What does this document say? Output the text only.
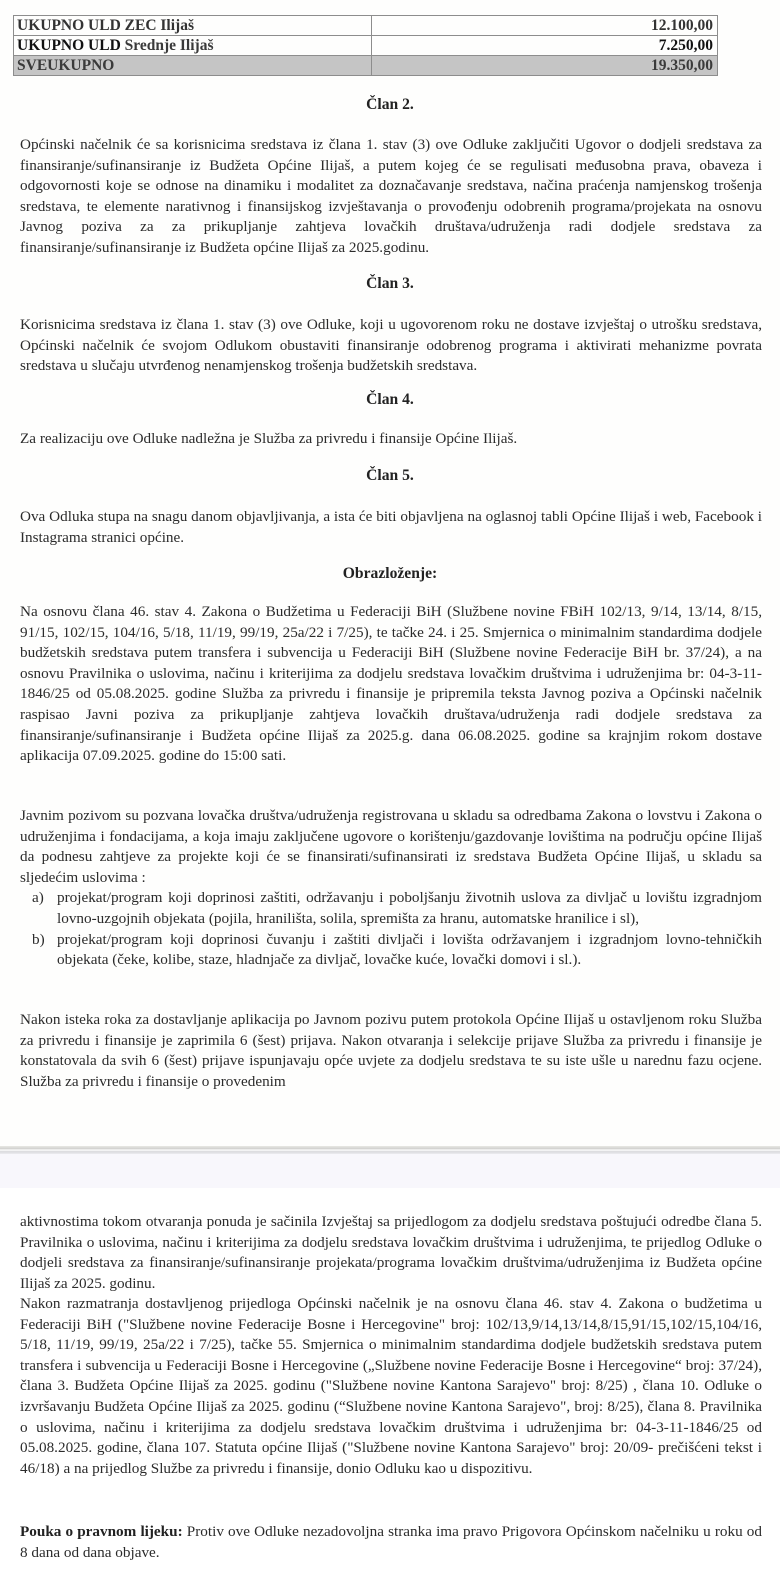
UKUPNO ULD ZEC Ilijaš	12.100,00
UKUPNO ULD Srednje Ilijaš	7.250,00
SVEUKUPNO	19.350,00
Član 2.
Općinski načelnik će sa korisnicima sredstava iz člana 1. stav (3) ove Odluke zaključiti Ugovor o dodjeli sredstava za finansiranje/sufinansiranje iz Budžeta Općine Ilijaš, a putem kojeg će se regulisati međusobna prava, obaveza i odgovornosti koje se odnose na dinamiku i modalitet za doznačavanje sredstava, načina praćenja namjenskog trošenja sredstava, te elemente narativnog i finansijskog izvještavanja o provođenju odobrenih programa/projekata na osnovu Javnog poziva za za prikupljanje zahtjeva lovačkih društava/udruženja radi dodjele sredstava za finansiranje/sufinansiranje iz Budžeta općine Ilijaš za 2025.godinu.
Član 3.
Korisnicima sredstava iz člana 1. stav (3) ove Odluke, koji u ugovorenom roku ne dostave izvještaj o utrošku sredstava, Općinski načelnik će svojom Odlukom obustaviti finansiranje odobrenog programa i aktivirati mehanizme povrata sredstava u slučaju utvrđenog nenamjenskog trošenja budžetskih sredstava.
Član 4.
Za realizaciju ove Odluke nadležna je Služba za privredu i finansije Općine Ilijaš.
Član 5.
Ova Odluka stupa na snagu danom objavljivanja, a ista će biti objavljena na oglasnoj tabli Općine Ilijaš i web, Facebook i Instagrama stranici općine.
Obrazloženje:
Na osnovu člana 46. stav 4. Zakona o Budžetima u Federaciji BiH (Službene novine FBiH 102/13, 9/14, 13/14, 8/15, 91/15, 102/15, 104/16, 5/18, 11/19, 99/19, 25a/22 i 7/25), te tačke 24. i 25. Smjernica o minimalnim standardima dodjele budžetskih sredstava putem transfera i subvencija u Federaciji BiH (Službene novine Federacije BiH br. 37/24), a na osnovu Pravilnika o uslovima, načinu i kriterijima za dodjelu sredstava lovačkim društvima i udruženjima br: 04-3-11-1846/25 od 05.08.2025. godine Služba za privredu i finansije je pripremila teksta Javnog poziva a Općinski načelnik raspisao Javni poziva za prikupljanje zahtjeva lovačkih društava/udruženja radi dodjele sredstava za finansiranje/sufinansiranje i Budžeta općine Ilijaš za 2025.g. dana 06.08.2025. godine sa krajnjim rokom dostave aplikacija 07.09.2025. godine do 15:00 sati.
Javnim pozivom su pozvana lovačka društva/udruženja registrovana u skladu sa odredbama Zakona o lovstvu i Zakona o udruženjima i fondacijama, a koja imaju zaključene ugovore o korištenju/gazdovanje lovištima na području općine Ilijaš da podnesu zahtjeve za projekte koji će se finansirati/sufinansirati iz sredstava Budžeta Općine Ilijaš, u skladu sa sljedećim uslovima :
a) projekat/program koji doprinosi zaštiti, održavanju i poboljšanju životnih uslova za divljač u lovištu izgradnjom lovno-uzgojnih objekata (pojila, hranilišta, solila, spremišta za hranu, automatske hranilice i sl),
b) projekat/program koji doprinosi čuvanju i zaštiti divljači i lovišta održavanjem i izgradnjom lovno-tehničkih objekata (čeke, kolibe, staze, hladnjače za divljač, lovačke kuće, lovački domovi i sl.).
Nakon isteka roka za dostavljanje aplikacija po Javnom pozivu putem protokola Općine Ilijaš u ostavljenom roku Služba za privredu i finansije je zaprimila 6 (šest) prijava. Nakon otvaranja i selekcije prijave Služba za privredu i finansije je konstatovala da svih 6 (šest) prijave ispunjavaju opće uvjete za dodjelu sredstava te su iste ušle u narednu fazu ocjene. Služba za privredu i finansije o provedenim
aktivnostima tokom otvaranja ponuda je sačinila Izvještaj sa prijedlogom za dodjelu sredstava poštujući odredbe člana 5. Pravilnika o uslovima, načinu i kriterijima za dodjelu sredstava lovačkim društvima i udruženjima, te prijedlog Odluke o dodjeli sredstava za finansiranje/sufinansiranje projekata/programa lovačkim društvima/udruženjima iz Budžeta općine Ilijaš za 2025. godinu.
Nakon razmatranja dostavljenog prijedloga Općinski načelnik je na osnovu člana 46. stav 4. Zakona o budžetima u Federaciji BiH ("Službene novine Federacije Bosne i Hercegovine" broj: 102/13,9/14,13/14,8/15,91/15,102/15,104/16, 5/18, 11/19, 99/19, 25a/22 i 7/25), tačke 55. Smjernica o minimalnim standardima dodjele budžetskih sredstava putem transfera i subvencija u Federaciji Bosne i Hercegovine („Službene novine Federacije Bosne i Hercegovine“ broj: 37/24), člana 3. Budžeta Općine Ilijaš za 2025. godinu ("Službene novine Kantona Sarajevo" broj: 8/25) , člana 10. Odluke o izvršavanju Budžeta Općine Ilijaš za 2025. godinu (“Službene novine Kantona Sarajevo", broj: 8/25), člana 8. Pravilnika o uslovima, načinu i kriterijima za dodjelu sredstava lovačkim društvima i udruženjima br: 04-3-11-1846/25 od 05.08.2025. godine, člana 107. Statuta općine Ilijaš ("Službene novine Kantona Sarajevo" broj: 20/09- prečišćeni tekst i 46/18) a na prijedlog Službe za privredu i finansije, donio Odluku kao u dispozitivu.
Pouka o pravnom lijeku: Protiv ove Odluke nezadovoljna stranka ima pravo Prigovora Općinskom načelniku u roku od 8 dana od dana objave.
